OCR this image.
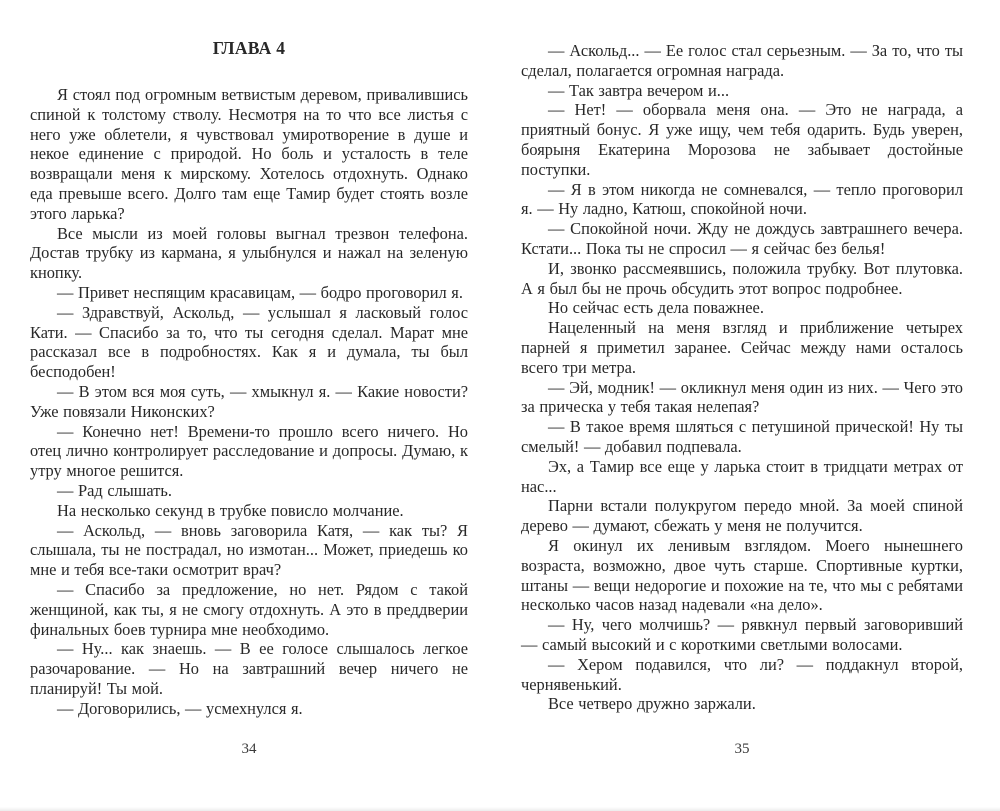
ГЛАВА 4

Я стоял под огромным ветвистым деревом, привалившись спиной к толстому стволу. Несмотря на то что все листья с него уже облетели, я чувствовал умиротворение в душе и некое единение с природой. Но боль и усталость в теле возвращали меня к мирскому. Хотелось отдохнуть. Однако еда превыше всего. Долго там еще Тамир будет стоять возле этого ларька?

Все мысли из моей головы выгнал трезвон телефона. Достав трубку из кармана, я улыбнулся и нажал на зеленую кнопку.

— Привет неспящим красавицам, — бодро проговорил я.

— Здравствуй, Аскольд, — услышал я ласковый голос Кати. — Спасибо за то, что ты сегодня сделал. Марат мне рассказал все в подробностях. Как я и думала, ты был бесподобен!

— В этом вся моя суть, — хмыкнул я. — Какие новости? Уже повязали Никонских?

— Конечно нет! Времени-то прошло всего ничего. Но отец лично контролирует расследование и допросы. Думаю, к утру многое решится.

— Рад слышать.

На несколько секунд в трубке повисло молчание.

— Аскольд, — вновь заговорила Катя, — как ты? Я слышала, ты не пострадал, но измотан... Может, приедешь ко мне и тебя все-таки осмотрит врач?

— Спасибо за предложение, но нет. Рядом с такой женщиной, как ты, я не смогу отдохнуть. А это в преддверии финальных боев турнира мне необходимо.

— Ну... как знаешь. — В ее голосе слышалось легкое разочарование. — Но на завтрашний вечер ничего не планируй! Ты мой.

— Договорились, — усмехнулся я.

— Аскольд... — Ее голос стал серьезным. — За то, что ты сделал, полагается огромная награда.

— Так завтра вечером и...

— Нет! — оборвала меня она. — Это не награда, а приятный бонус. Я уже ищу, чем тебя одарить. Будь уверен, боярыня Екатерина Морозова не забывает достойные поступки.

— Я в этом никогда не сомневался, — тепло проговорил я. — Ну ладно, Катюш, спокойной ночи.

— Спокойной ночи. Жду не дождусь завтрашнего вечера. Кстати... Пока ты не спросил — я сейчас без белья!

И, звонко рассмеявшись, положила трубку. Вот плутовка. А я был бы не прочь обсудить этот вопрос подробнее.

Но сейчас есть дела поважнее.

Нацеленный на меня взгляд и приближение четырех парней я приметил заранее. Сейчас между нами осталось всего три метра.

— Эй, модник! — окликнул меня один из них. — Чего это за прическа у тебя такая нелепая?

— В такое время шляться с петушиной прической! Ну ты смелый! — добавил подпевала.

Эх, а Тамир все еще у ларька стоит в тридцати метрах от нас...

Парни встали полукругом передо мной. За моей спиной дерево — думают, сбежать у меня не получится.

Я окинул их ленивым взглядом. Моего нынешнего возраста, возможно, двое чуть старше. Спортивные куртки, штаны — вещи недорогие и похожие на те, что мы с ребятами несколько часов назад надевали «на дело».

— Ну, чего молчишь? — рявкнул первый заговоривший — самый высокий и с короткими светлыми волосами.

— Хером подавился, что ли? — поддакнул второй, чернявенький.

Все четверо дружно заржали.

34	35
